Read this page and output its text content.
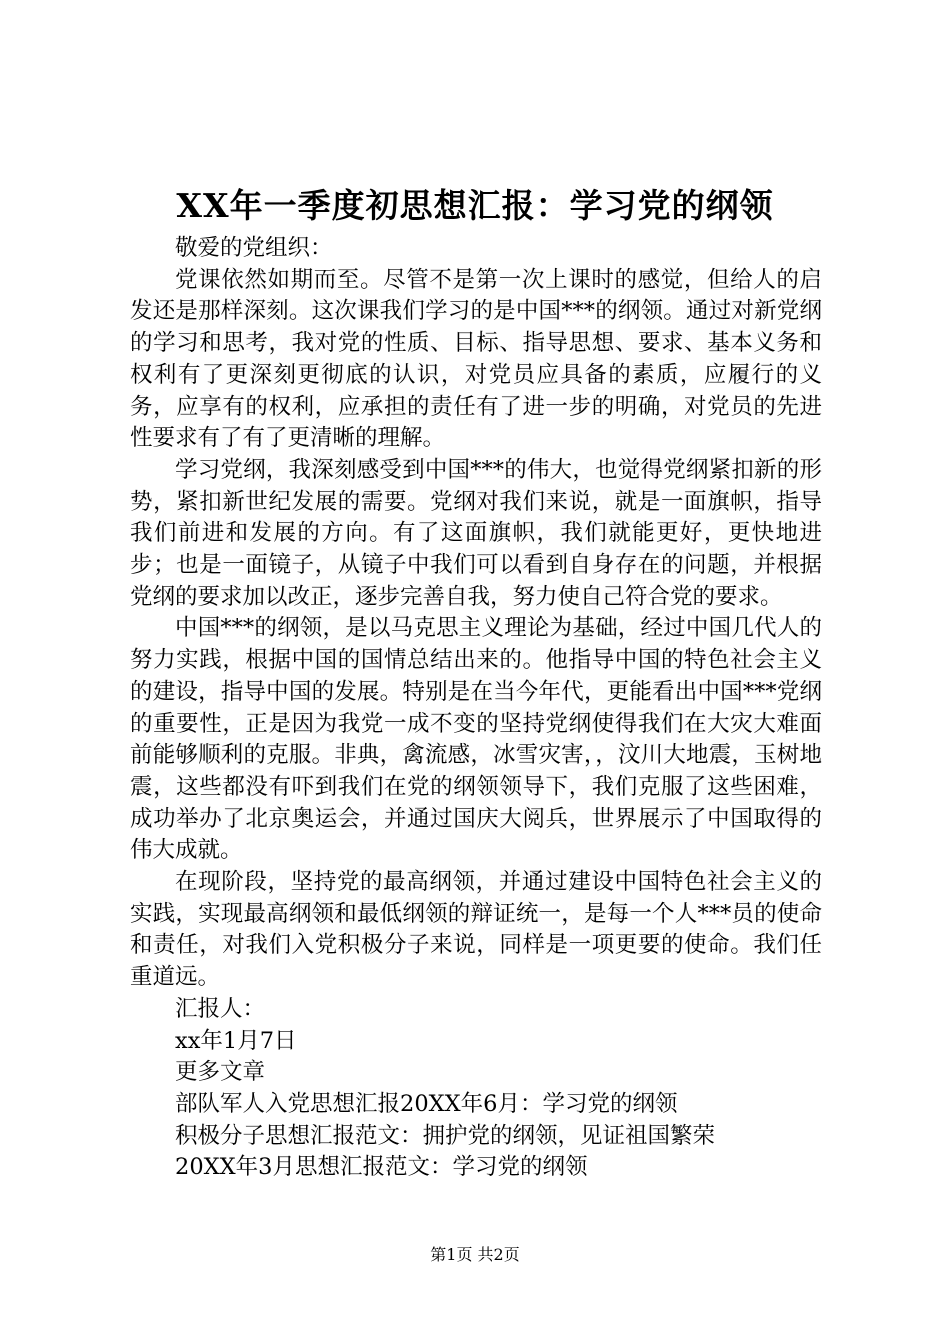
XX年一季度初思想汇报：学习党的纲领

敬爱的党组织：

党课依然如期而至。尽管不是第一次上课时的感觉，但给人的启发还是那样深刻。这次课我们学习的是中国***的纲领。通过对新党纲的学习和思考，我对党的性质、目标、指导思想、要求、基本义务和权利有了更深刻更彻底的认识，对党员应具备的素质，应履行的义务，应享有的权利，应承担的责任有了进一步的明确，对党员的先进性要求有了有了更清晰的理解。

学习党纲，我深刻感受到中国***的伟大，也觉得党纲紧扣新的形势，紧扣新世纪发展的需要。党纲对我们来说，就是一面旗帜，指导我们前进和发展的方向。有了这面旗帜，我们就能更好，更快地进步；也是一面镜子，从镜子中我们可以看到自身存在的问题，并根据党纲的要求加以改正，逐步完善自我，努力使自己符合党的要求。

中国***的纲领，是以马克思主义理论为基础，经过中国几代人的努力实践，根据中国的国情总结出来的。他指导中国的特色社会主义的建设，指导中国的发展。特别是在当今年代，更能看出中国***党纲的重要性，正是因为我党一成不变的坚持党纲使得我们在大灾大难面前能够顺利的克服。非典，禽流感，冰雪灾害，，汶川大地震，玉树地震，这些都没有吓到我们在党的纲领领导下，我们克服了这些困难，成功举办了北京奥运会，并通过国庆大阅兵，世界展示了中国取得的伟大成就。

在现阶段，坚持党的最高纲领，并通过建设中国特色社会主义的实践，实现最高纲领和最低纲领的辩证统一，是每一个人***员的使命和责任，对我们入党积极分子来说，同样是一项更要的使命。我们任重道远。

汇报人：

xx年1月7日

更多文章

部队军人入党思想汇报20XX年6月：学习党的纲领

积极分子思想汇报范文：拥护党的纲领，见证祖国繁荣

20XX年3月思想汇报范文：学习党的纲领

第1页 共2页
